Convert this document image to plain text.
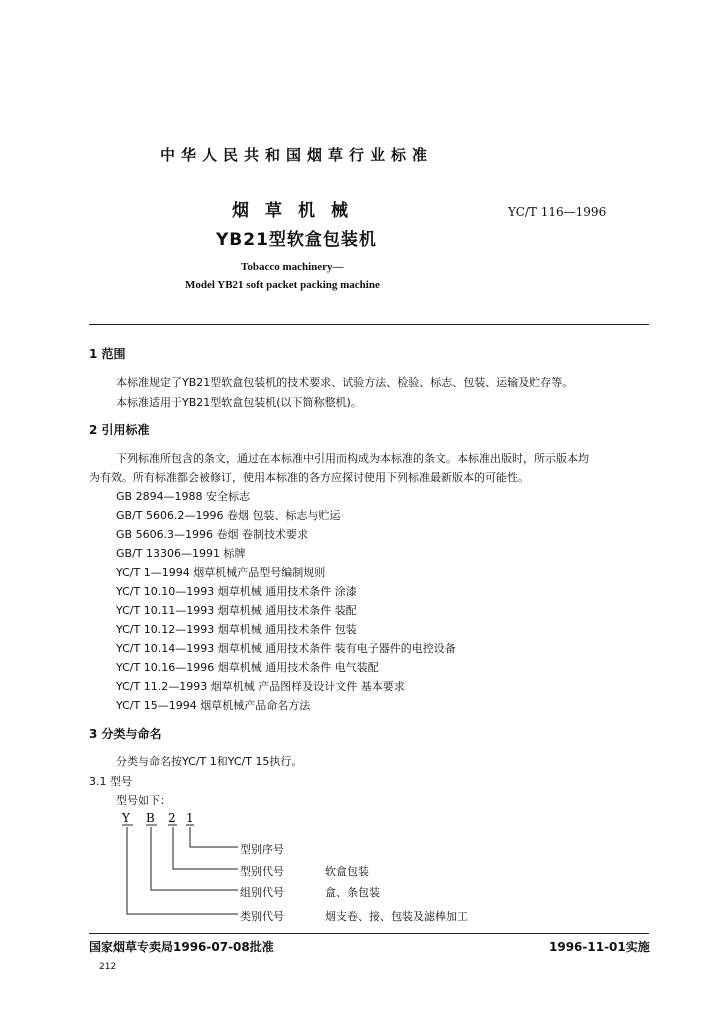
中华人民共和国烟草行业标准
烟草机械	YC/T 116—1996
YB21型软盒包装机
Tobacco machinery—
Model YB21 soft packet packing machine
1 范围
本标准规定了YB21型软盒包装机的技术要求、试验方法、检验、标志、包装、运输及贮存等。
本标准适用于YB21型软盒包装机(以下简称整机)。
2 引用标准
下列标准所包含的条文，通过在本标准中引用而构成为本标准的条文。本标准出版时，所示版本均
为有效。所有标准都会被修订，使用本标准的各方应探讨使用下列标准最新版本的可能性。
GB 2894—1988 安全标志
GB/T 5606.2—1996 卷烟 包装、标志与贮运
GB 5606.3—1996 卷烟 卷制技术要求
GB/T 13306—1991 标牌
YC/T 1—1994 烟草机械产品型号编制规则
YC/T 10.10—1993 烟草机械 通用技术条件 涂漆
YC/T 10.11—1993 烟草机械 通用技术条件 装配
YC/T 10.12—1993 烟草机械 通用技术条件 包装
YC/T 10.14—1993 烟草机械 通用技术条件 装有电子器件的电控设备
YC/T 10.16—1996 烟草机械 通用技术条件 电气装配
YC/T 11.2—1993 烟草机械 产品图样及设计文件 基本要求
YC/T 15—1994 烟草机械产品命名方法
3 分类与命名
分类与命名按YC/T 1和YC/T 15执行。
3.1 型号
型号如下：
Y B 2 1
型别序号
型别代号	软盒包装
组别代号	盒、条包装
类别代号	烟支卷、接、包装及滤棒加工
国家烟草专卖局1996-07-08批准	1996-11-01实施
212
